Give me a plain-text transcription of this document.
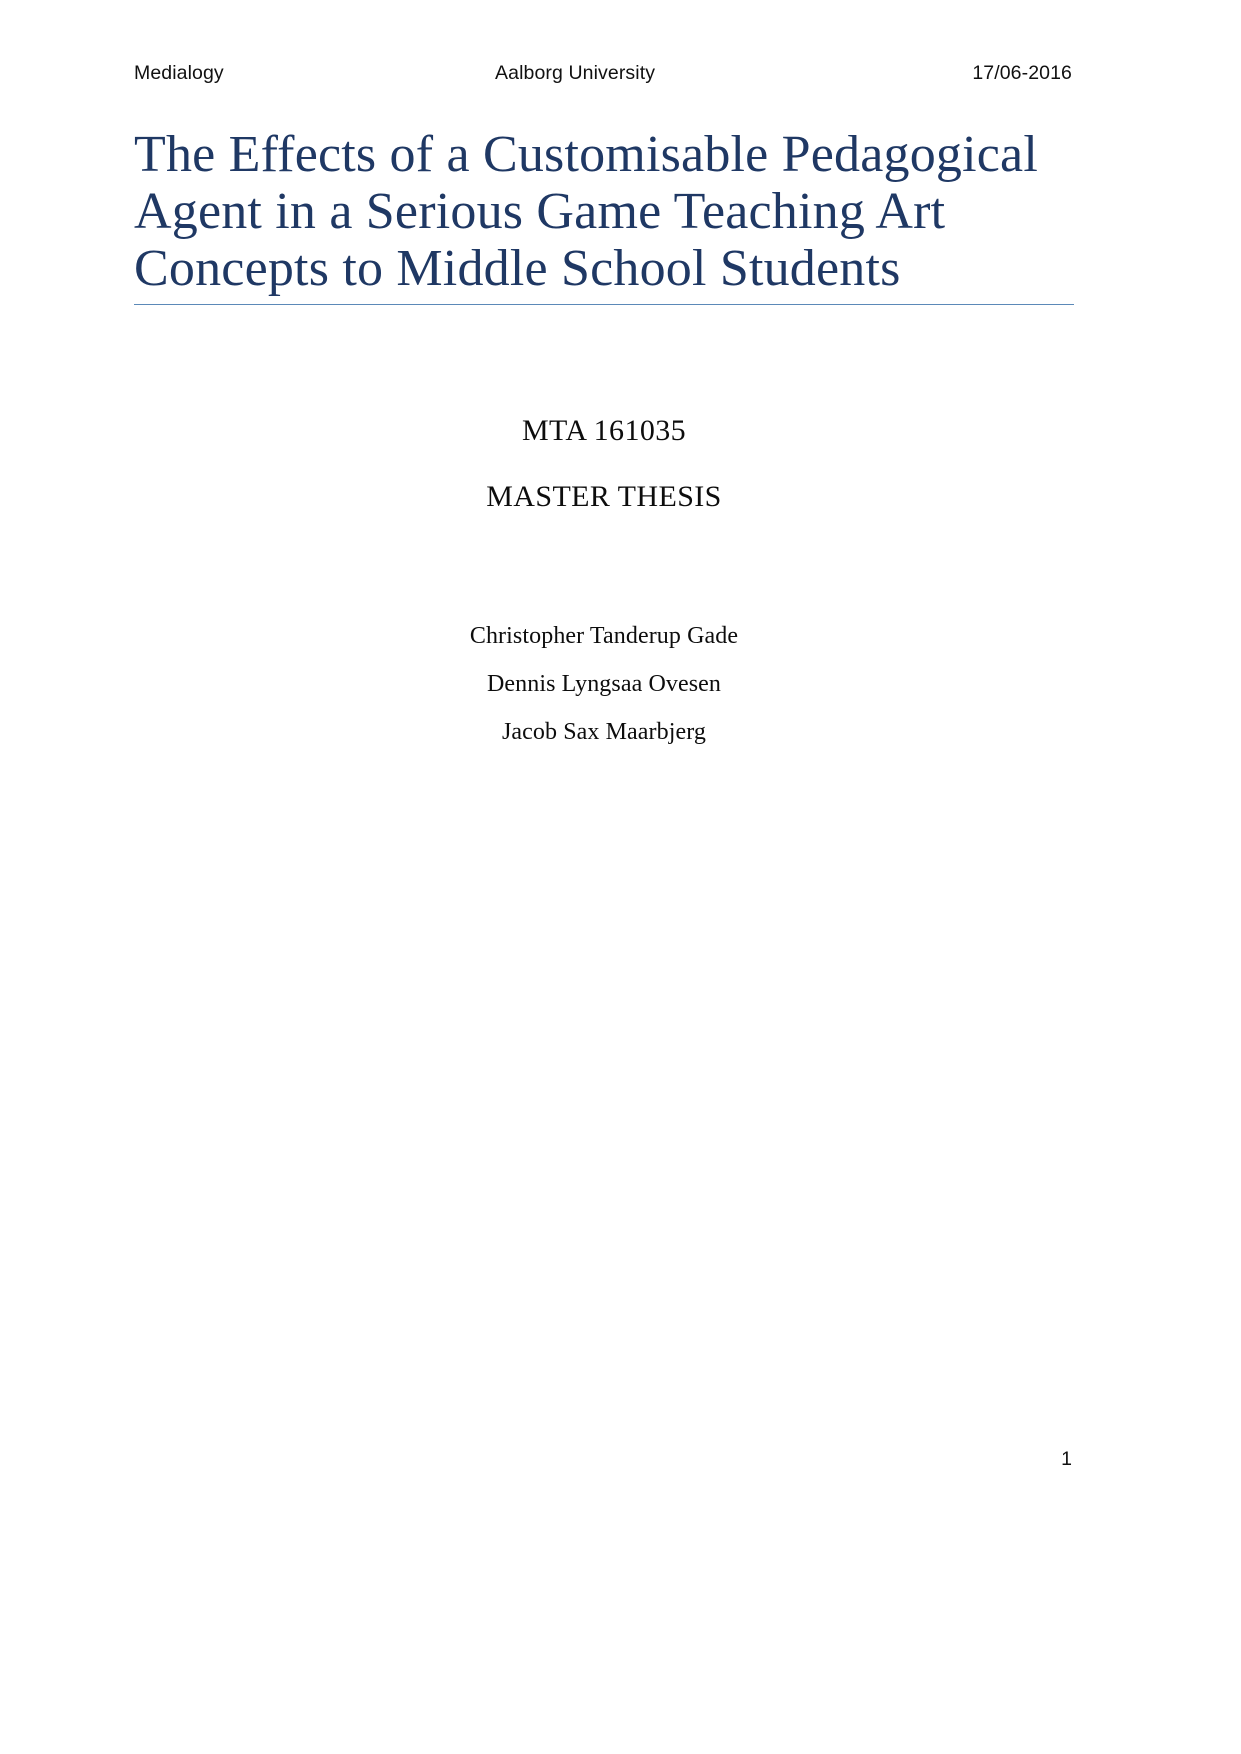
Medialogy	Aalborg University	17/06-2016
The Effects of a Customisable Pedagogical
Agent in a Serious Game Teaching Art
Concepts to Middle School Students
MTA 161035
MASTER THESIS
Christopher Tanderup Gade
Dennis Lyngsaa Ovesen
Jacob Sax Maarbjerg
1
